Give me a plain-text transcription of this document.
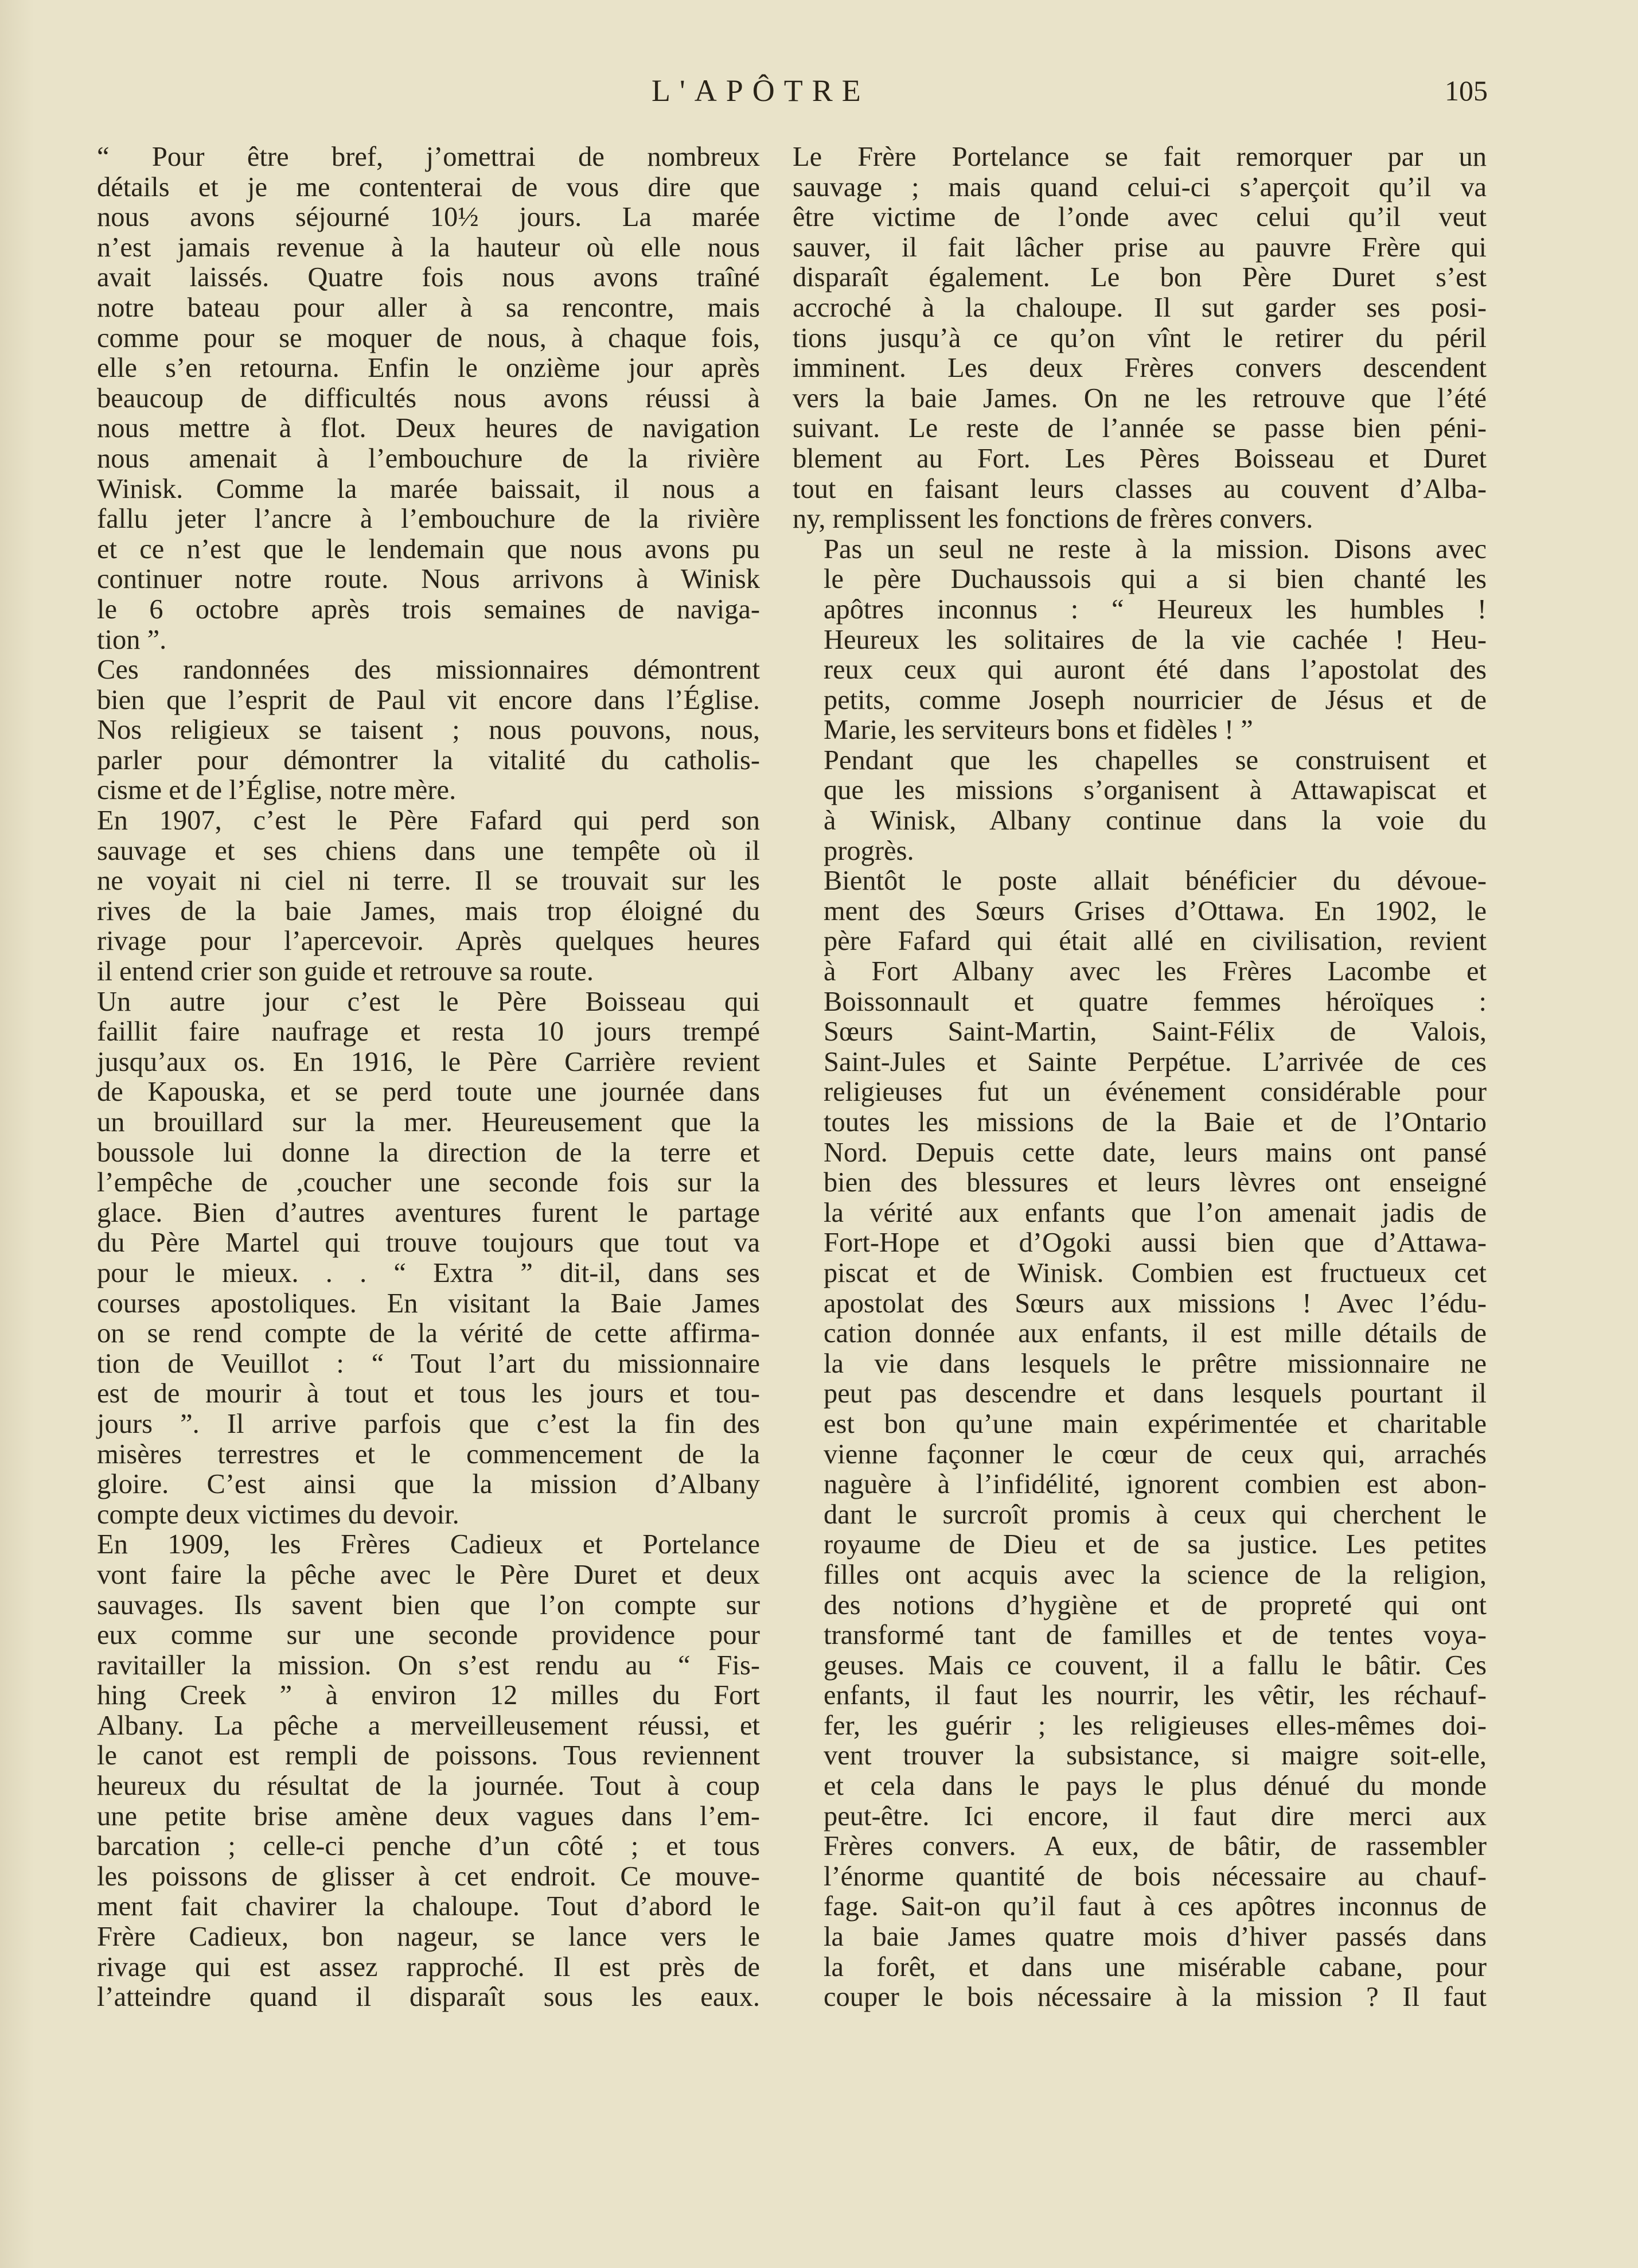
L'APÔTRE	105

“ Pour être bref, j’omettrai de nombreux
détails et je me contenterai de vous dire que
nous avons séjourné 10½ jours. La marée
n’est jamais revenue à la hauteur où elle nous
avait laissés. Quatre fois nous avons traîné
notre bateau pour aller à sa rencontre, mais
comme pour se moquer de nous, à chaque fois,
elle s’en retourna. Enfin le onzième jour après
beaucoup de difficultés nous avons réussi à
nous mettre à flot. Deux heures de navigation
nous amenait à l’embouchure de la rivière
Winisk. Comme la marée baissait, il nous a
fallu jeter l’ancre à l’embouchure de la rivière
et ce n’est que le lendemain que nous avons pu
continuer notre route. Nous arrivons à Winisk
le 6 octobre après trois semaines de naviga-
tion ”.

Ces randonnées des missionnaires démontrent
bien que l’esprit de Paul vit encore dans l’Église.
Nos religieux se taisent ; nous pouvons, nous,
parler pour démontrer la vitalité du catholis-
cisme et de l’Église, notre mère.

En 1907, c’est le Père Fafard qui perd son
sauvage et ses chiens dans une tempête où il
ne voyait ni ciel ni terre. Il se trouvait sur les
rives de la baie James, mais trop éloigné du
rivage pour l’apercevoir. Après quelques heures
il entend crier son guide et retrouve sa route.

Un autre jour c’est le Père Boisseau qui
faillit faire naufrage et resta 10 jours trempé
jusqu’aux os. En 1916, le Père Carrière revient
de Kapouska, et se perd toute une journée dans
un brouillard sur la mer. Heureusement que la
boussole lui donne la direction de la terre et
l’empêche de ,coucher une seconde fois sur la
glace. Bien d’autres aventures furent le partage
du Père Martel qui trouve toujours que tout va
pour le mieux. . . “ Extra ” dit-il, dans ses
courses apostoliques. En visitant la Baie James
on se rend compte de la vérité de cette affirma-
tion de Veuillot : “ Tout l’art du missionnaire
est de mourir à tout et tous les jours et tou-
jours ”. Il arrive parfois que c’est la fin des
misères terrestres et le commencement de la
gloire. C’est ainsi que la mission d’Albany
compte deux victimes du devoir.

En 1909, les Frères Cadieux et Portelance
vont faire la pêche avec le Père Duret et deux
sauvages. Ils savent bien que l’on compte sur
eux comme sur une seconde providence pour
ravitailler la mission. On s’est rendu au “ Fis-
hing Creek ” à environ 12 milles du Fort
Albany. La pêche a merveilleusement réussi, et
le canot est rempli de poissons. Tous reviennent
heureux du résultat de la journée. Tout à coup
une petite brise amène deux vagues dans l’em-
barcation ; celle-ci penche d’un côté ; et tous
les poissons de glisser à cet endroit. Ce mouve-
ment fait chavirer la chaloupe. Tout d’abord le
Frère Cadieux, bon nageur, se lance vers le
rivage qui est assez rapproché. Il est près de
l’atteindre quand il disparaît sous les eaux.

Le Frère Portelance se fait remorquer par un
sauvage ; mais quand celui-ci s’aperçoit qu’il va
être victime de l’onde avec celui qu’il veut
sauver, il fait lâcher prise au pauvre Frère qui
disparaît également. Le bon Père Duret s’est
accroché à la chaloupe. Il sut garder ses posi-
tions jusqu’à ce qu’on vînt le retirer du péril
imminent. Les deux Frères convers descendent
vers la baie James. On ne les retrouve que l’été
suivant. Le reste de l’année se passe bien péni-
blement au Fort. Les Pères Boisseau et Duret
tout en faisant leurs classes au couvent d’Alba-
ny, remplissent les fonctions de frères convers.

Pas un seul ne reste à la mission. Disons avec
le père Duchaussois qui a si bien chanté les
apôtres inconnus : “ Heureux les humbles !
Heureux les solitaires de la vie cachée ! Heu-
reux ceux qui auront été dans l’apostolat des
petits, comme Joseph nourricier de Jésus et de
Marie, les serviteurs bons et fidèles ! ”

Pendant que les chapelles se construisent et
que les missions s’organisent à Attawapiscat et
à Winisk, Albany continue dans la voie du
progrès.

Bientôt le poste allait bénéficier du dévoue-
ment des Sœurs Grises d’Ottawa. En 1902, le
père Fafard qui était allé en civilisation, revient
à Fort Albany avec les Frères Lacombe et
Boissonnault et quatre femmes héroïques :
Sœurs Saint-Martin, Saint-Félix de Valois,
Saint-Jules et Sainte Perpétue. L’arrivée de ces
religieuses fut un événement considérable pour
toutes les missions de la Baie et de l’Ontario
Nord. Depuis cette date, leurs mains ont pansé
bien des blessures et leurs lèvres ont enseigné
la vérité aux enfants que l’on amenait jadis de
Fort-Hope et d’Ogoki aussi bien que d’Attawa-
piscat et de Winisk. Combien est fructueux cet
apostolat des Sœurs aux missions ! Avec l’édu-
cation donnée aux enfants, il est mille détails de
la vie dans lesquels le prêtre missionnaire ne
peut pas descendre et dans lesquels pourtant il
est bon qu’une main expérimentée et charitable
vienne façonner le cœur de ceux qui, arrachés
naguère à l’infidélité, ignorent combien est abon-
dant le surcroît promis à ceux qui cherchent le
royaume de Dieu et de sa justice. Les petites
filles ont acquis avec la science de la religion,
des notions d’hygiène et de propreté qui ont
transformé tant de familles et de tentes voya-
geuses. Mais ce couvent, il a fallu le bâtir. Ces
enfants, il faut les nourrir, les vêtir, les réchauf-
fer, les guérir ; les religieuses elles-mêmes doi-
vent trouver la subsistance, si maigre soit-elle,
et cela dans le pays le plus dénué du monde
peut-être. Ici encore, il faut dire merci aux
Frères convers. A eux, de bâtir, de rassembler
l’énorme quantité de bois nécessaire au chauf-
fage. Sait-on qu’il faut à ces apôtres inconnus de
la baie James quatre mois d’hiver passés dans
la forêt, et dans une misérable cabane, pour
couper le bois nécessaire à la mission ? Il faut
